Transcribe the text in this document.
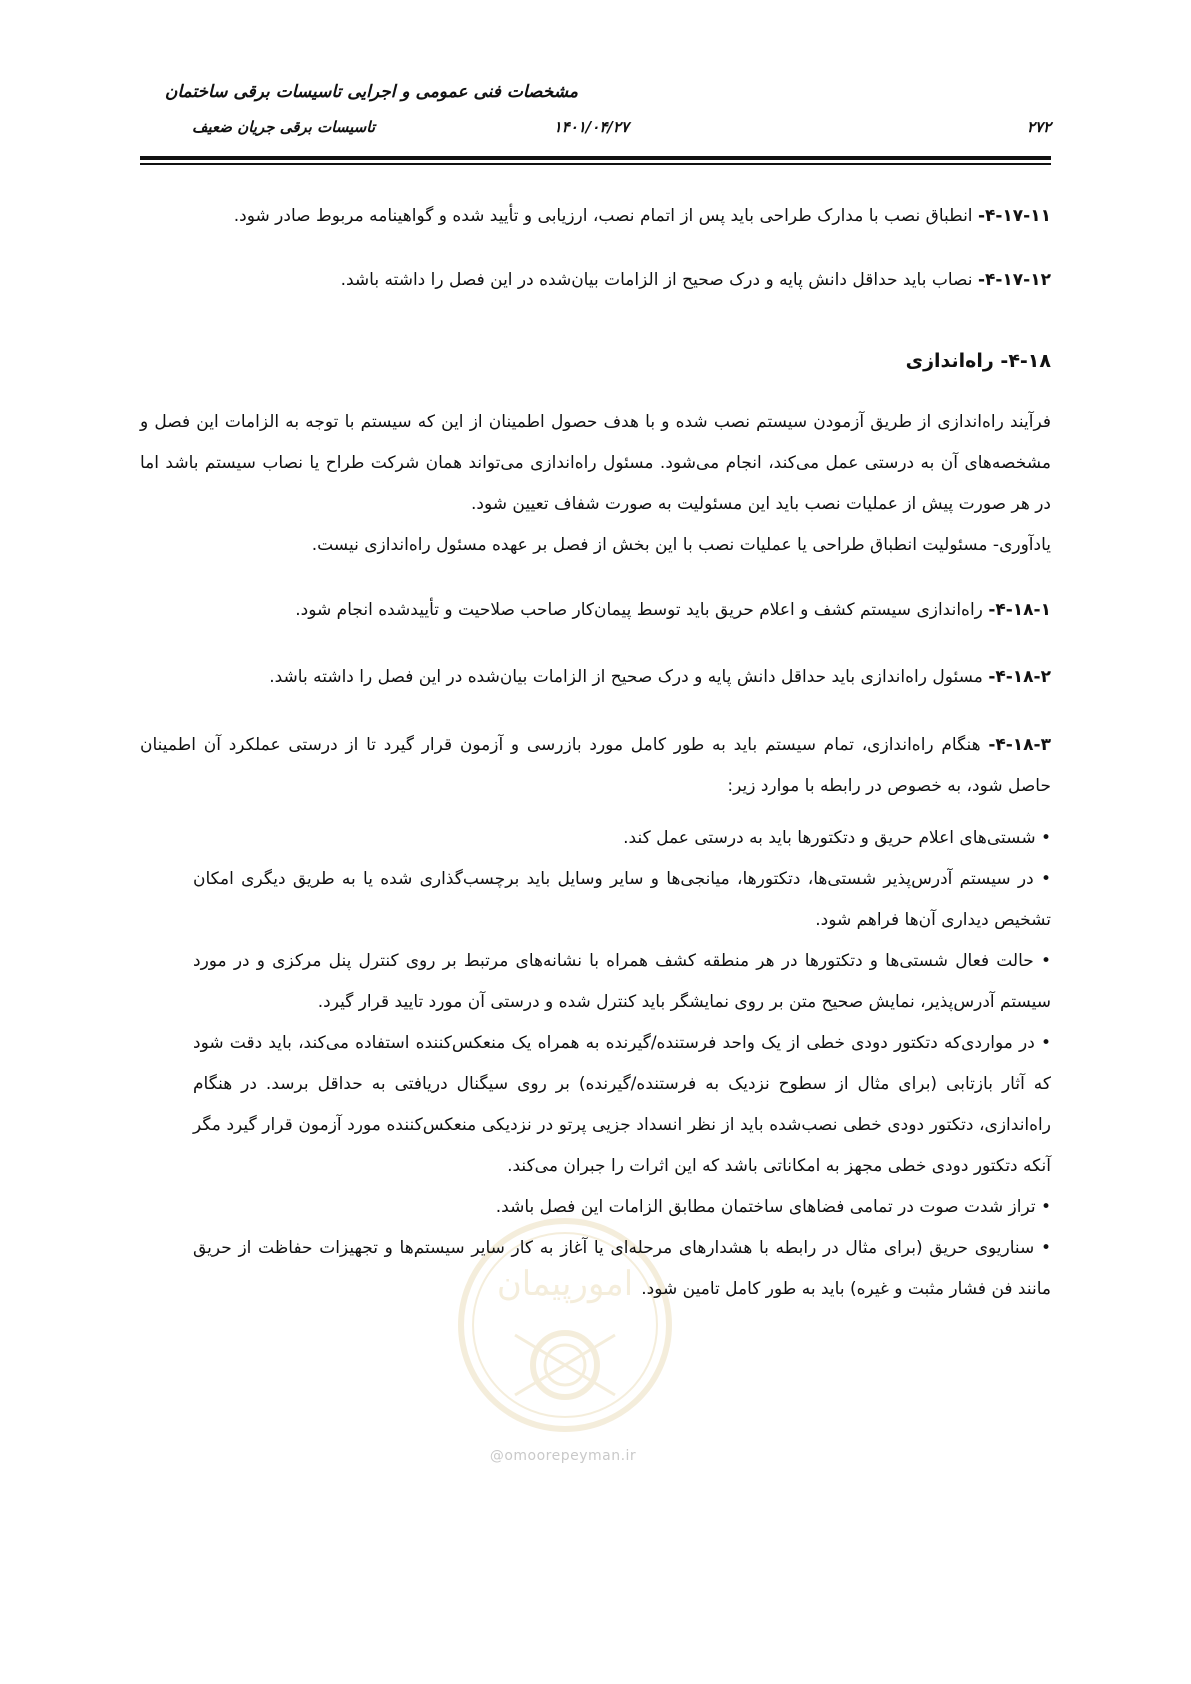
مشخصات فنی عمومی و اجرایی تاسیسات برقی ساختمان
۲۷۲
۱۴۰۱/۰۴/۲۷
تاسیسات برقی جریان ضعیف
امورپیمان
@omoorepeyman.ir
۴-۱۷-۱۱- انطباق نصب با مدارک طراحی باید پس از اتمام نصب، ارزیابی و تأیید شده و گواهینامه مربوط صادر شود.
۴-۱۷-۱۲- نصاب باید حداقل دانش پایه و درک صحیح از الزامات بیان‌شده در این فصل را داشته باشد.
۴-۱۸- راه‌اندازی
فرآیند راه‌اندازی از طریق آزمودن سیستم نصب شده و با هدف حصول اطمینان از این که سیستم با توجه به الزامات این فصل و مشخصه‌های آن به درستی عمل می‌کند، انجام می‌شود. مسئول راه‌اندازی می‌تواند همان شرکت طراح یا نصاب سیستم باشد اما در هر صورت پیش از عملیات نصب باید این مسئولیت به صورت شفاف تعیین شود.
یادآوری- مسئولیت انطباق طراحی یا عملیات نصب با این بخش از فصل بر عهده مسئول راه‌اندازی نیست.
۴-۱۸-۱- راه‌اندازی سیستم کشف و اعلام حریق باید توسط پیمان‌کار صاحب صلاحیت و تأییدشده انجام شود.
۴-۱۸-۲- مسئول راه‌اندازی باید حداقل دانش پایه و درک صحیح از الزامات بیان‌شده در این فصل را داشته باشد.
۴-۱۸-۳- هنگام راه‌اندازی، تمام سیستم باید به طور کامل مورد بازرسی و آزمون قرار گیرد تا از درستی عملکرد آن اطمینان حاصل شود، به خصوص در رابطه با موارد زیر:

• شستی‌های اعلام حریق و دتکتورها باید به درستی عمل کند.

• در سیستم آدرس‌پذیر شستی‌ها، دتکتورها، میانجی‌ها و سایر وسایل باید برچسب‌گذاری شده یا به طریق دیگری امکان تشخیص دیداری آن‌ها فراهم شود.

• حالت فعال شستی‌ها و دتکتورها در هر منطقه کشف همراه با نشانه‌های مرتبط بر روی کنترل پنل مرکزی و در مورد سیستم آدرس‌پذیر، نمایش صحیح متن بر روی نمایشگر باید کنترل شده و درستی آن مورد تایید قرار گیرد.

• در مواردی‌که دتکتور دودی خطی از یک واحد فرستنده/گیرنده به همراه یک منعکس‌کننده استفاده می‌کند، باید دقت شود که آثار بازتابی (برای مثال از سطوح نزدیک به فرستنده/گیرنده) بر روی سیگنال دریافتی به حداقل برسد. در هنگام راه‌اندازی، دتکتور دودی خطی نصب‌شده باید از نظر انسداد جزیی پرتو در نزدیکی منعکس‌کننده مورد آزمون قرار گیرد مگر آنکه دتکتور دودی خطی مجهز به امکاناتی باشد که این اثرات را جبران می‌کند.

• تراز شدت صوت در تمامی فضاهای ساختمان مطابق الزامات این فصل باشد.

• سناریوی حریق (برای مثال در رابطه با هشدارهای مرحله‌ای یا آغاز به کار سایر سیستم‌ها و تجهیزات حفاظت از حریق مانند فن فشار مثبت و غیره) باید به طور کامل تامین شود.
